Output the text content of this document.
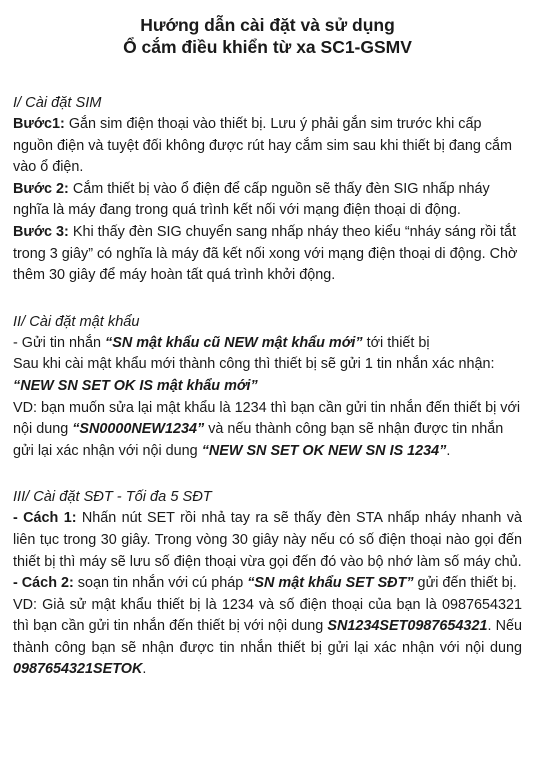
Hướng dẫn cài đặt và sử dụng
Ổ cắm điều khiển từ xa SC1-GSMV

I/ Cài đặt SIM

Bước1: Gắn sim điện thoại vào thiết bị. Lưu ý phải gắn sim trước khi cấp nguồn điện và tuyệt đối không được rút hay cắm sim sau khi thiết bị đang cắm vào ổ điện.

Bước 2: Cắm thiết bị vào ổ điện để cấp nguồn sẽ thấy đèn SIG nhấp nháy nghĩa là máy đang trong quá trình kết nối với mạng điện thoại di động.

Bước 3: Khi thấy đèn SIG chuyển sang nhấp nháy theo kiểu “nháy sáng rồi tắt trong 3 giây” có nghĩa là máy đã kết nối xong với mạng điện thoại di động. Chờ thêm 30 giây để máy hoàn tất quá trình khởi động.

II/ Cài đặt mật khẩu

- Gửi tin nhắn “SN mật khẩu cũ NEW mật khẩu mới” tới thiết bị

Sau khi cài mật khẩu mới thành công thì thiết bị sẽ gửi 1 tin nhắn xác nhận:

“NEW SN SET OK IS mật khẩu mới”

VD: bạn muốn sửa lại mật khẩu là 1234 thì bạn cần gửi tin nhắn đến thiết bị với nội dung “SN0000NEW1234” và nếu thành công bạn sẽ nhận được tin nhắn gửi lại xác nhận với nội dung “NEW SN SET OK NEW SN IS 1234”.

III/ Cài đặt SĐT - Tối đa 5 SĐT

- Cách 1: Nhấn nút SET rồi nhả tay ra sẽ thấy đèn STA nhấp nháy nhanh và liên tục trong 30 giây. Trong vòng 30 giây này nếu có số điện thoại nào gọi đến thiết bị thì máy sẽ lưu số điện thoại vừa gọi đến đó vào bộ nhớ làm số máy chủ.

- Cách 2: soạn tin nhắn với cú pháp “SN mật khẩu SET SĐT” gửi đến thiết bị.

VD: Giả sử mật khẩu thiết bị là 1234 và số điện thoại của bạn là 0987654321 thì bạn cần gửi tin nhắn đến thiết bị với nội dung SN1234SET0987654321. Nếu thành công bạn sẽ nhận được tin nhắn thiết bị gửi lại xác nhận với nội dung 0987654321SETOK.
